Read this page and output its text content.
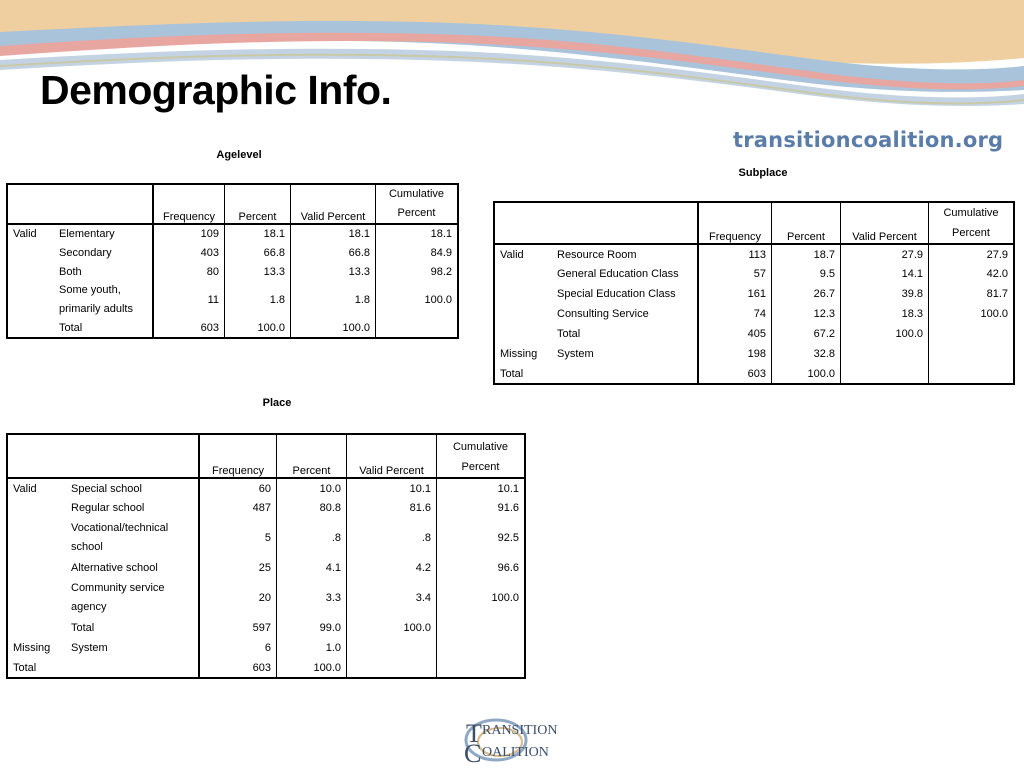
Demographic Info.
transitioncoalition.org
Agelevel
		Frequency	Percent	Valid Percent	Cumulative
Percent
Valid	Elementary	109	18.1	18.1	18.1
	Secondary	403	66.8	66.8	84.9
	Both	80	13.3	13.3	98.2
	Some youth, primarily adults	11	1.8	1.8	100.0
	Total	603	100.0	100.0	
Subplace
		Frequency	Percent	Valid Percent	Cumulative
Percent
Valid	Resource Room	113	18.7	27.9	27.9
	General Education Class	57	9.5	14.1	42.0
	Special Education Class	161	26.7	39.8	81.7
	Consulting Service	74	12.3	18.3	100.0
	Total	405	67.2	100.0	
Missing	System	198	32.8		
Total		603	100.0		
Place
		Frequency	Percent	Valid Percent	Cumulative
Percent
Valid	Special school	60	10.0	10.1	10.1
	Regular school	487	80.8	81.6	91.6
	Vocational/technical school	5	.8	.8	92.5
	Alternative school	25	4.1	4.2	96.6
	Community service agency	20	3.3	3.4	100.0
	Total	597	99.0	100.0	
Missing	System	6	1.0		
Total		603	100.0		
T RANSITION
C OALITION
